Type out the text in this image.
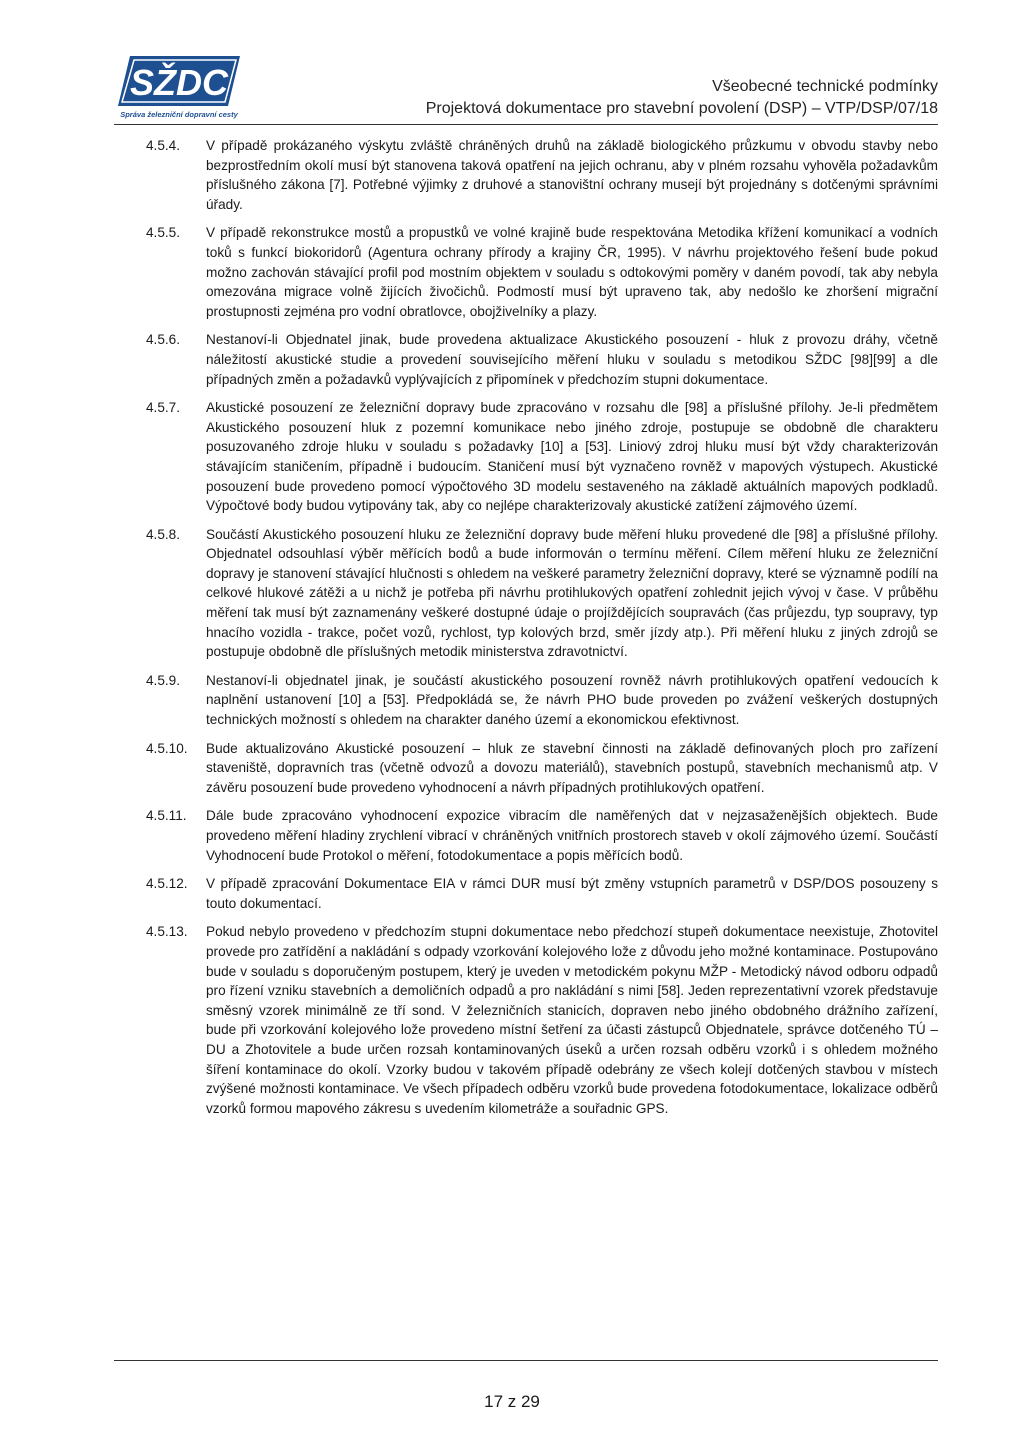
SŽDC
Správa železniční dopravní cesty
Všeobecné technické podmínky
Projektová dokumentace pro stavební povolení (DSP) – VTP/DSP/07/18
4.5.4.	V případě prokázaného výskytu zvláště chráněných druhů na základě biologického průzkumu v obvodu stavby nebo bezprostředním okolí musí být stanovena taková opatření na jejich ochranu, aby v plném rozsahu vyhověla požadavkům příslušného zákona [7]. Potřebné výjimky z druhové a stanovištní ochrany musejí být projednány s dotčenými správními úřady.
4.5.5.	V případě rekonstrukce mostů a propustků ve volné krajině bude respektována Metodika křížení komunikací a vodních toků s funkcí biokoridorů (Agentura ochrany přírody a krajiny ČR, 1995). V návrhu projektového řešení bude pokud možno zachován stávající profil pod mostním objektem v souladu s odtokovými poměry v daném povodí, tak aby nebyla omezována migrace volně žijících živočichů. Podmostí musí být upraveno tak, aby nedošlo ke zhoršení migrační prostupnosti zejména pro vodní obratlovce, obojživelníky a plazy.
4.5.6.	Nestanoví-li Objednatel jinak, bude provedena aktualizace Akustického posouzení - hluk z provozu dráhy, včetně náležitostí akustické studie a provedení souvisejícího měření hluku v souladu s metodikou SŽDC [98][99] a dle případných změn a požadavků vyplývajících z připomínek v předchozím stupni dokumentace.
4.5.7.	Akustické posouzení ze železniční dopravy bude zpracováno v rozsahu dle [98] a příslušné přílohy. Je-li předmětem Akustického posouzení hluk z pozemní komunikace nebo jiného zdroje, postupuje se obdobně dle charakteru posuzovaného zdroje hluku v souladu s požadavky [10] a [53]. Liniový zdroj hluku musí být vždy charakterizován stávajícím staničením, případně i budoucím. Staničení musí být vyznačeno rovněž v mapových výstupech. Akustické posouzení bude provedeno pomocí výpočtového 3D modelu sestaveného na základě aktuálních mapových podkladů. Výpočtové body budou vytipovány tak, aby co nejlépe charakterizovaly akustické zatížení zájmového území.
4.5.8.	Součástí Akustického posouzení hluku ze železniční dopravy bude měření hluku provedené dle [98] a příslušné přílohy. Objednatel odsouhlasí výběr měřících bodů a bude informován o termínu měření. Cílem měření hluku ze železniční dopravy je stanovení stávající hlučnosti s ohledem na veškeré parametry železniční dopravy, které se významně podílí na celkové hlukové zátěži a u nichž je potřeba při návrhu protihlukových opatření zohlednit jejich vývoj v čase. V průběhu měření tak musí být zaznamenány veškeré dostupné údaje o projíždějících soupravách (čas průjezdu, typ soupravy, typ hnacího vozidla - trakce, počet vozů, rychlost, typ kolových brzd, směr jízdy atp.). Při měření hluku z jiných zdrojů se postupuje obdobně dle příslušných metodik ministerstva zdravotnictví.
4.5.9.	Nestanoví-li objednatel jinak, je součástí akustického posouzení rovněž návrh protihlukových opatření vedoucích k naplnění ustanovení [10] a [53]. Předpokládá se, že návrh PHO bude proveden po zvážení veškerých dostupných technických možností s ohledem na charakter daného území a ekonomickou efektivnost.
4.5.10.	Bude aktualizováno Akustické posouzení – hluk ze stavební činnosti na základě definovaných ploch pro zařízení staveniště, dopravních tras (včetně odvozů a dovozu materiálů), stavebních postupů, stavebních mechanismů atp. V závěru posouzení bude provedeno vyhodnocení a návrh případných protihlukových opatření.
4.5.11.	Dále bude zpracováno vyhodnocení expozice vibracím dle naměřených dat v nejzasaženějších objektech. Bude provedeno měření hladiny zrychlení vibrací v chráněných vnitřních prostorech staveb v okolí zájmového území. Součástí Vyhodnocení bude Protokol o měření, fotodokumentace a popis měřících bodů.
4.5.12.	V případě zpracování Dokumentace EIA v rámci DUR musí být změny vstupních parametrů v DSP/DOS posouzeny s touto dokumentací.
4.5.13.	Pokud nebylo provedeno v předchozím stupni dokumentace nebo předchozí stupeň dokumentace neexistuje, Zhotovitel provede pro zatřídění a nakládání s odpady vzorkování kolejového lože z důvodu jeho možné kontaminace. Postupováno bude v souladu s doporučeným postupem, který je uveden v metodickém pokynu MŽP - Metodický návod odboru odpadů pro řízení vzniku stavebních a demoličních odpadů a pro nakládání s nimi [58]. Jeden reprezentativní vzorek představuje směsný vzorek minimálně ze tří sond. V železničních stanicích, dopraven nebo jiného obdobného drážního zařízení, bude při vzorkování kolejového lože provedeno místní šetření za účasti zástupců Objednatele, správce dotčeného TÚ – DU a Zhotovitele a bude určen rozsah kontaminovaných úseků a určen rozsah odběru vzorků i s ohledem možného šíření kontaminace do okolí. Vzorky budou v takovém případě odebrány ze všech kolejí dotčených stavbou v místech zvýšené možnosti kontaminace. Ve všech případech odběru vzorků bude provedena fotodokumentace, lokalizace odběrů vzorků formou mapového zákresu s uvedením kilometráže a souřadnic GPS.
17 z 29
